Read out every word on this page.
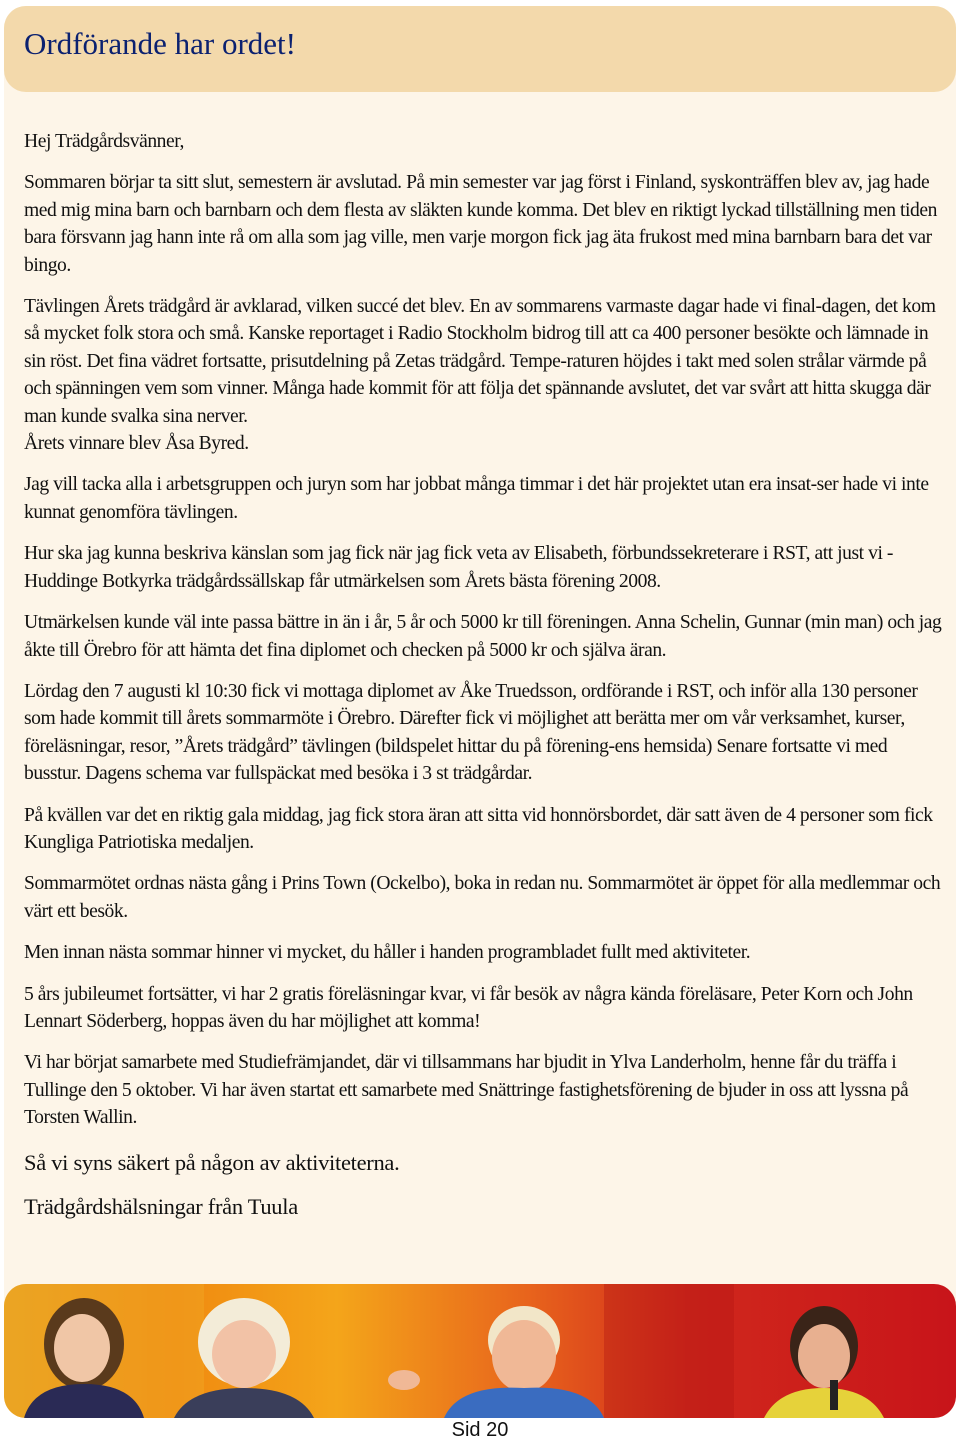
Ordförande har ordet!

Hej Trädgårdsvänner,

Sommaren börjar ta sitt slut, semestern är avslutad. På min semester var jag först i Finland, syskonträffen blev av, jag hade med mig mina barn och barnbarn och dem flesta av släkten kunde komma. Det blev en riktigt lyckad tillställning men tiden bara försvann jag hann inte rå om alla som jag ville, men varje morgon fick jag äta frukost med mina barnbarn bara det var bingo.

Tävlingen Årets trädgård är avklarad, vilken succé det blev. En av sommarens varmaste dagar hade vi final-dagen, det kom så mycket folk stora och små. Kanske reportaget i Radio Stockholm bidrog till att ca 400 personer besökte och lämnade in sin röst. Det fina vädret fortsatte, prisutdelning på Zetas trädgård. Tempe-raturen höjdes i takt med solen strålar värmde på och spänningen vem som vinner. Många hade kommit för att följa det spännande avslutet, det var svårt att hitta skugga där man kunde svalka sina nerver.

Årets vinnare blev Åsa Byred.

Jag vill tacka alla i arbetsgruppen och juryn som har jobbat många timmar i det här projektet utan era insat-ser hade vi inte kunnat genomföra tävlingen.

Hur ska jag kunna beskriva känslan som jag fick när jag fick veta av Elisabeth, förbundssekreterare i RST, att just vi - Huddinge Botkyrka trädgårdssällskap får utmärkelsen som Årets bästa förening 2008.

Utmärkelsen kunde väl inte passa bättre in än i år, 5 år och 5000 kr till föreningen. Anna Schelin, Gunnar (min man) och jag åkte till Örebro för att hämta det fina diplomet och checken på 5000 kr och själva äran.

Lördag den 7 augusti kl 10:30 fick vi mottaga diplomet av Åke Truedsson, ordförande i RST, och inför alla 130 personer som hade kommit till årets sommarmöte i Örebro. Därefter fick vi möjlighet att berätta mer om vår verksamhet, kurser, föreläsningar, resor, ”Årets trädgård” tävlingen (bildspelet hittar du på förening-ens hemsida) Senare fortsatte vi med busstur. Dagens schema var fullspäckat med besöka i 3 st trädgårdar.

På kvällen var det en riktig gala middag, jag fick stora äran att sitta vid honnörsbordet, där satt även de 4 personer som fick Kungliga Patriotiska medaljen.

Sommarmötet ordnas nästa gång i Prins Town (Ockelbo), boka in redan nu. Sommarmötet är öppet för alla medlemmar och värt ett besök.

Men innan nästa sommar hinner vi mycket, du håller i handen programbladet fullt med aktiviteter.

5 års jubileumet fortsätter, vi har 2 gratis föreläsningar kvar, vi får besök av några kända föreläsare, Peter Korn och John Lennart Söderberg, hoppas även du har möjlighet att komma!

Vi har börjat samarbete med Studiefrämjandet, där vi tillsammans har bjudit in Ylva Landerholm, henne får du träffa i Tullinge den 5 oktober. Vi har även startat ett samarbete med Snättringe fastighetsförening de bjuder in oss att lyssna på Torsten Wallin.

Så vi syns säkert på någon av aktiviteterna.

Trädgårdshälsningar från Tuula

Sid 20
